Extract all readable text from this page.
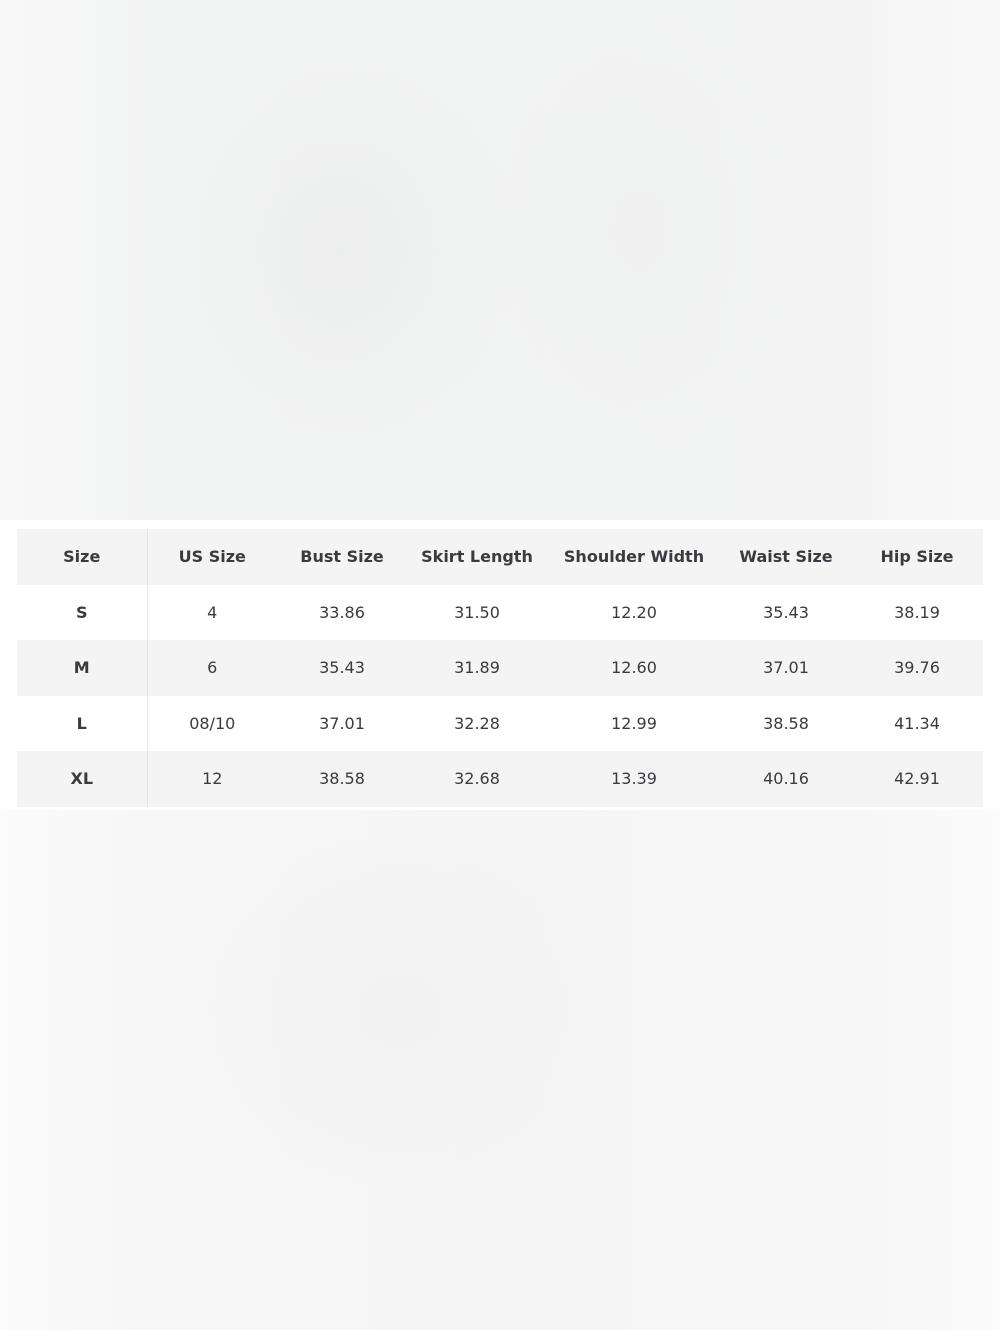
Size	US Size	Bust Size	Skirt Length	Shoulder Width	Waist Size	Hip Size
S	4	33.86	31.50	12.20	35.43	38.19
M	6	35.43	31.89	12.60	37.01	39.76
L	08/10	37.01	32.28	12.99	38.58	41.34
XL	12	38.58	32.68	13.39	40.16	42.91
